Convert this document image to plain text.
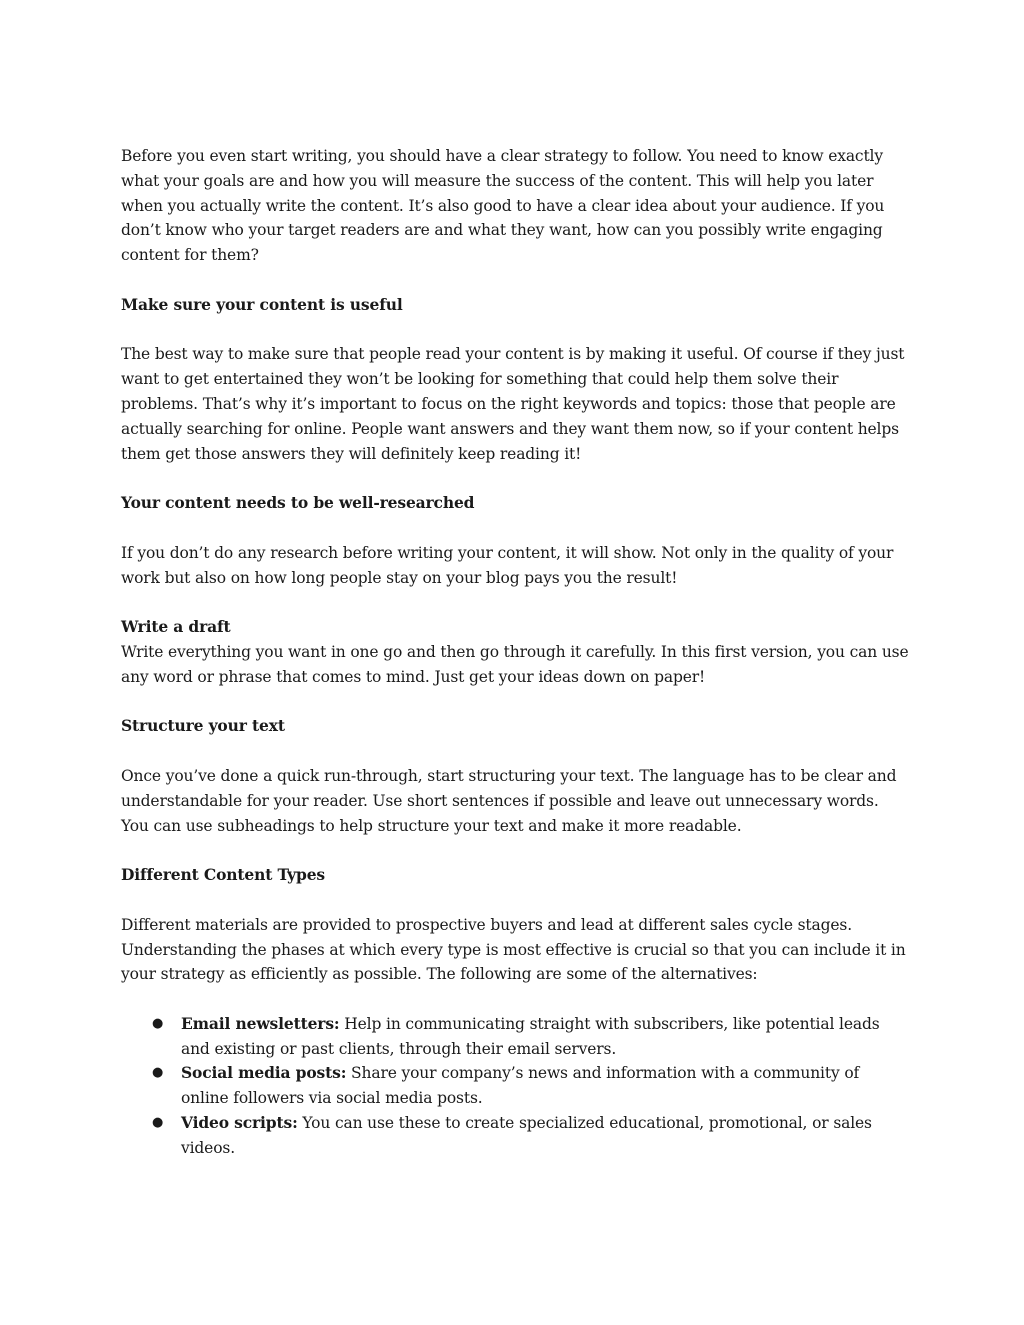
Before you even start writing, you should have a clear strategy to follow. You need to know exactly what your goals are and how you will measure the success of the content. This will help you later when you actually write the content. It’s also good to have a clear idea about your audience. If you don’t know who your target readers are and what they want, how can you possibly write engaging content for them?

Make sure your content is useful

The best way to make sure that people read your content is by making it useful. Of course if they just want to get entertained they won’t be looking for something that could help them solve their problems. That’s why it’s important to focus on the right keywords and topics: those that people are actually searching for online. People want answers and they want them now, so if your content helps them get those answers they will definitely keep reading it!

Your content needs to be well-researched

If you don’t do any research before writing your content, it will show. Not only in the quality of your work but also on how long people stay on your blog pays you the result!

Write a draft

Write everything you want in one go and then go through it carefully. In this first version, you can use any word or phrase that comes to mind. Just get your ideas down on paper!

Structure your text

Once you’ve done a quick run-through, start structuring your text. The language has to be clear and understandable for your reader. Use short sentences if possible and leave out unnecessary words. You can use subheadings to help structure your text and make it more readable.

Different Content Types

Different materials are provided to prospective buyers and lead at different sales cycle stages. Understanding the phases at which every type is most effective is crucial so that you can include it in your strategy as efficiently as possible. The following are some of the alternatives:

● Email newsletters: Help in communicating straight with subscribers, like potential leads and existing or past clients, through their email servers.
● Social media posts: Share your company’s news and information with a community of online followers via social media posts.
● Video scripts: You can use these to create specialized educational, promotional, or sales videos.
